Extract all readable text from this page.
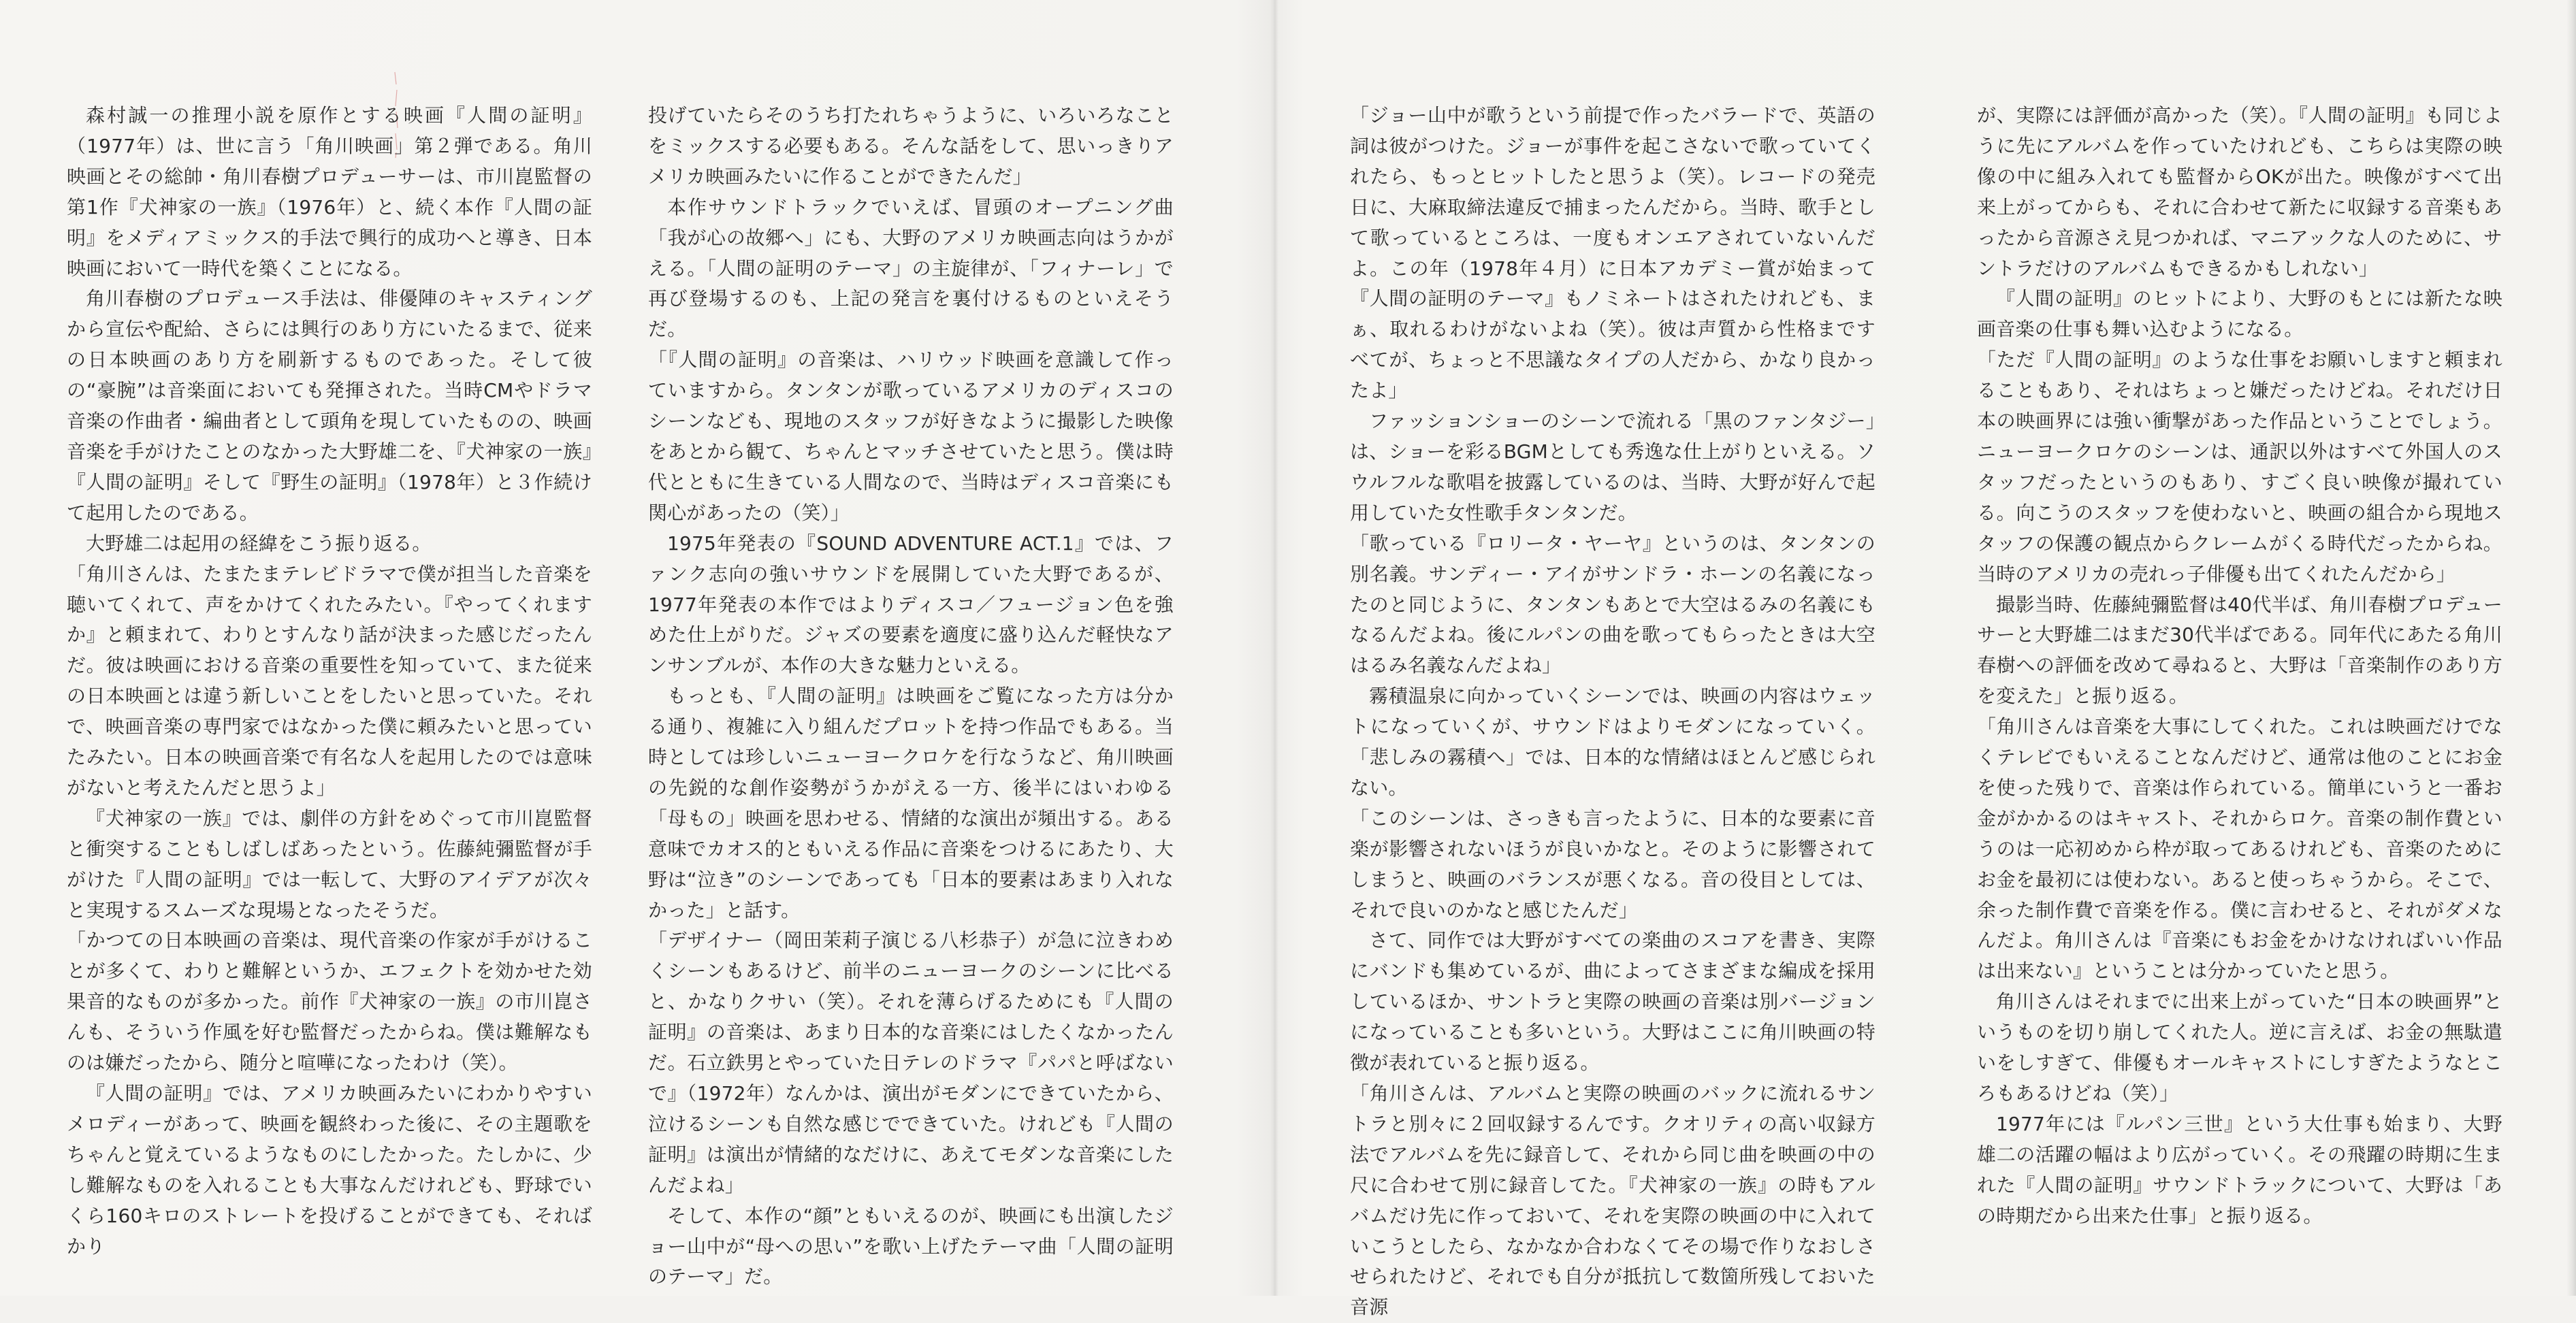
森村誠一の推理小説を原作とする映画『人間の証明』（1977年）は、世に言う「角川映画」第２弾である。角川映画とその総帥・角川春樹プロデューサーは、市川崑監督の第1作『犬神家の一族』（1976年）と、続く本作『人間の証明』をメディアミックス的手法で興行的成功へと導き、日本映画において一時代を築くことになる。

角川春樹のプロデュース手法は、俳優陣のキャスティングから宣伝や配給、さらには興行のあり方にいたるまで、従来の日本映画のあり方を刷新するものであった。そして彼の“豪腕”は音楽面においても発揮された。当時CMやドラマ音楽の作曲者・編曲者として頭角を現していたものの、映画音楽を手がけたことのなかった大野雄二を、『犬神家の一族』『人間の証明』そして『野生の証明』（1978年）と３作続けて起用したのである。

大野雄二は起用の経緯をこう振り返る。

「角川さんは、たまたまテレビドラマで僕が担当した音楽を聴いてくれて、声をかけてくれたみたい。『やってくれますか』と頼まれて、わりとすんなり話が決まった感じだったんだ。彼は映画における音楽の重要性を知っていて、また従来の日本映画とは違う新しいことをしたいと思っていた。それで、映画音楽の専門家ではなかった僕に頼みたいと思っていたみたい。日本の映画音楽で有名な人を起用したのでは意味がないと考えたんだと思うよ」

『犬神家の一族』では、劇伴の方針をめぐって市川崑監督と衝突することもしばしばあったという。佐藤純彌監督が手がけた『人間の証明』では一転して、大野のアイデアが次々と実現するスムーズな現場となったそうだ。

「かつての日本映画の音楽は、現代音楽の作家が手がけることが多くて、わりと難解というか、エフェクトを効かせた効果音的なものが多かった。前作『犬神家の一族』の市川崑さんも、そういう作風を好む監督だったからね。僕は難解なものは嫌だったから、随分と喧嘩になったわけ（笑）。

『人間の証明』では、アメリカ映画みたいにわかりやすいメロディーがあって、映画を観終わった後に、その主題歌をちゃんと覚えているようなものにしたかった。たしかに、少し難解なものを入れることも大事なんだけれども、野球でいくら160キロのストレートを投げることができても、そればかり

投げていたらそのうち打たれちゃうように、いろいろなことをミックスする必要もある。そんな話をして、思いっきりアメリカ映画みたいに作ることができたんだ」

本作サウンドトラックでいえば、冒頭のオープニング曲「我が心の故郷へ」にも、大野のアメリカ映画志向はうかがえる。「人間の証明のテーマ」の主旋律が、「フィナーレ」で再び登場するのも、上記の発言を裏付けるものといえそうだ。

「『人間の証明』の音楽は、ハリウッド映画を意識して作っていますから。タンタンが歌っているアメリカのディスコのシーンなども、現地のスタッフが好きなように撮影した映像をあとから観て、ちゃんとマッチさせていたと思う。僕は時代とともに生きている人間なので、当時はディスコ音楽にも関心があったの（笑）」

1975年発表の『SOUND ADVENTURE ACT.1』では、ファンク志向の強いサウンドを展開していた大野であるが、1977年発表の本作ではよりディスコ／フュージョン色を強めた仕上がりだ。ジャズの要素を適度に盛り込んだ軽快なアンサンブルが、本作の大きな魅力といえる。

もっとも、『人間の証明』は映画をご覧になった方は分かる通り、複雑に入り組んだプロットを持つ作品でもある。当時としては珍しいニューヨークロケを行なうなど、角川映画の先鋭的な創作姿勢がうかがえる一方、後半にはいわゆる「母もの」映画を思わせる、情緒的な演出が頻出する。ある意味でカオス的ともいえる作品に音楽をつけるにあたり、大野は“泣き”のシーンであっても「日本的要素はあまり入れなかった」と話す。

「デザイナー（岡田茉莉子演じる八杉恭子）が急に泣きわめくシーンもあるけど、前半のニューヨークのシーンに比べると、かなりクサい（笑）。それを薄らげるためにも『人間の証明』の音楽は、あまり日本的な音楽にはしたくなかったんだ。石立鉄男とやっていた日テレのドラマ『パパと呼ばないで』（1972年）なんかは、演出がモダンにできていたから、泣けるシーンも自然な感じでできていた。けれども『人間の証明』は演出が情緒的なだけに、あえてモダンな音楽にしたんだよね」

そして、本作の“顔”ともいえるのが、映画にも出演したジョー山中が“母への思い”を歌い上げたテーマ曲「人間の証明のテーマ」だ。

「ジョー山中が歌うという前提で作ったバラードで、英語の詞は彼がつけた。ジョーが事件を起こさないで歌っていてくれたら、もっとヒットしたと思うよ（笑）。レコードの発売日に、大麻取締法違反で捕まったんだから。当時、歌手として歌っているところは、一度もオンエアされていないんだよ。この年（1978年４月）に日本アカデミー賞が始まって『人間の証明のテーマ』もノミネートはされたけれども、まぁ、取れるわけがないよね（笑）。彼は声質から性格まですべてが、ちょっと不思議なタイプの人だから、かなり良かったよ」

ファッションショーのシーンで流れる「黒のファンタジー」は、ショーを彩るBGMとしても秀逸な仕上がりといえる。ソウルフルな歌唱を披露しているのは、当時、大野が好んで起用していた女性歌手タンタンだ。

「歌っている『ロリータ・ヤーヤ』というのは、タンタンの別名義。サンディー・アイがサンドラ・ホーンの名義になったのと同じように、タンタンもあとで大空はるみの名義にもなるんだよね。後にルパンの曲を歌ってもらったときは大空はるみ名義なんだよね」

霧積温泉に向かっていくシーンでは、映画の内容はウェットになっていくが、サウンドはよりモダンになっていく。「悲しみの霧積へ」では、日本的な情緒はほとんど感じられない。

「このシーンは、さっきも言ったように、日本的な要素に音楽が影響されないほうが良いかなと。そのように影響されてしまうと、映画のバランスが悪くなる。音の役目としては、それで良いのかなと感じたんだ」

さて、同作では大野がすべての楽曲のスコアを書き、実際にバンドも集めているが、曲によってさまざまな編成を採用しているほか、サントラと実際の映画の音楽は別バージョンになっていることも多いという。大野はここに角川映画の特徴が表れていると振り返る。

「角川さんは、アルバムと実際の映画のバックに流れるサントラと別々に２回収録するんです。クオリティの高い収録方法でアルバムを先に録音して、それから同じ曲を映画の中の尺に合わせて別に録音してた。『犬神家の一族』の時もアルバムだけ先に作っておいて、それを実際の映画の中に入れていこうとしたら、なかなか合わなくてその場で作りなおしさせられたけど、それでも自分が抵抗して数箇所残しておいた音源

が、実際には評価が高かった（笑）。『人間の証明』も同じように先にアルバムを作っていたけれども、こちらは実際の映像の中に組み入れても監督からOKが出た。映像がすべて出来上がってからも、それに合わせて新たに収録する音楽もあったから音源さえ見つかれば、マニアックな人のために、サントラだけのアルバムもできるかもしれない」

『人間の証明』のヒットにより、大野のもとには新たな映画音楽の仕事も舞い込むようになる。

「ただ『人間の証明』のような仕事をお願いしますと頼まれることもあり、それはちょっと嫌だったけどね。それだけ日本の映画界には強い衝撃があった作品ということでしょう。ニューヨークロケのシーンは、通訳以外はすべて外国人のスタッフだったというのもあり、すごく良い映像が撮れている。向こうのスタッフを使わないと、映画の組合から現地スタッフの保護の観点からクレームがくる時代だったからね。当時のアメリカの売れっ子俳優も出てくれたんだから」

撮影当時、佐藤純彌監督は40代半ば、角川春樹プロデューサーと大野雄二はまだ30代半ばである。同年代にあたる角川春樹への評価を改めて尋ねると、大野は「音楽制作のあり方を変えた」と振り返る。

「角川さんは音楽を大事にしてくれた。これは映画だけでなくテレビでもいえることなんだけど、通常は他のことにお金を使った残りで、音楽は作られている。簡単にいうと一番お金がかかるのはキャスト、それからロケ。音楽の制作費というのは一応初めから枠が取ってあるけれども、音楽のためにお金を最初には使わない。あると使っちゃうから。そこで、余った制作費で音楽を作る。僕に言わせると、それがダメなんだよ。角川さんは『音楽にもお金をかけなければいい作品は出来ない』ということは分かっていたと思う。

角川さんはそれまでに出来上がっていた“日本の映画界”というものを切り崩してくれた人。逆に言えば、お金の無駄遣いをしすぎて、俳優もオールキャストにしすぎたようなところもあるけどね（笑）」

1977年には『ルパン三世』という大仕事も始まり、大野雄二の活躍の幅はより広がっていく。その飛躍の時期に生まれた『人間の証明』サウンドトラックについて、大野は「あの時期だから出来た仕事」と振り返る。
